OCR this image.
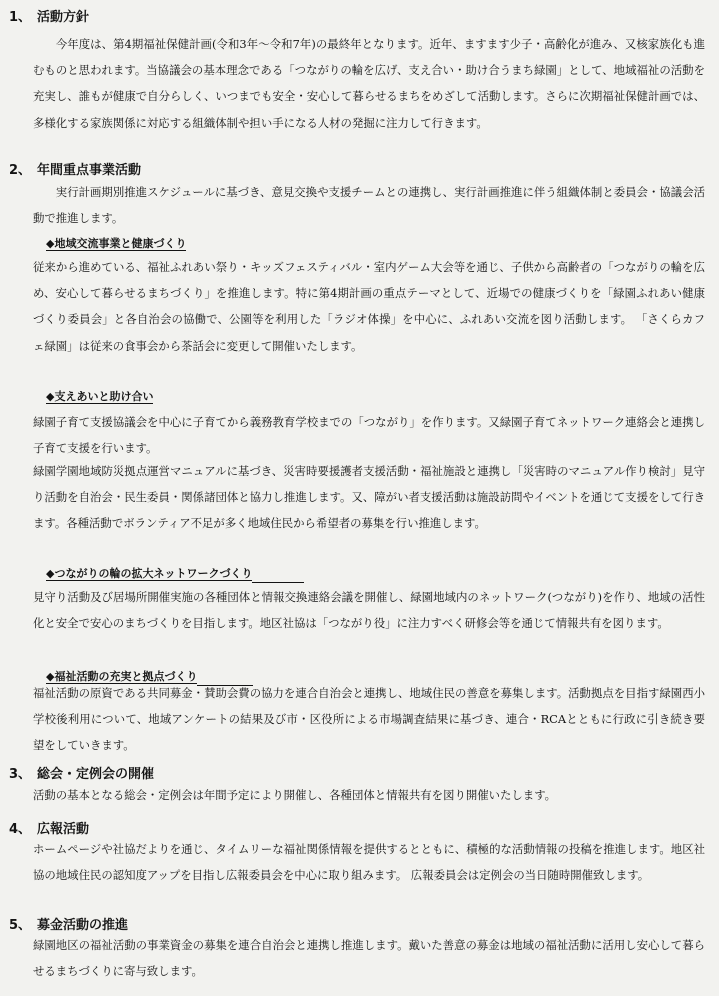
1、 活動方針
今年度は、第4期福祉保健計画(令和3年～令和7年)の最終年となります。近年、ますます少子・高齢化が進み、又核家族化も進むものと思われます。当協議会の基本理念である「つながりの輪を広げ、支え合い・助け合うまち緑園」として、地域福祉の活動を充実し、誰もが健康で自分らしく、いつまでも安全・安心して暮らせるまちをめざして活動します。さらに次期福祉保健計画では、多様化する家族関係に対応する組織体制や担い手になる人材の発掘に注力して行きます。
2、 年間重点事業活動
実行計画期別推進スケジュールに基づき、意見交換や支援チームとの連携し、実行計画推進に伴う組織体制と委員会・協議会活動で推進します。
◆地域交流事業と健康づくり
従来から進めている、福祉ふれあい祭り・キッズフェスティバル・室内ゲーム大会等を通じ、子供から高齢者の「つながりの輪を広め、安心して暮らせるまちづくり」を推進します。特に第4期計画の重点テーマとして、近場での健康づくりを「緑園ふれあい健康づくり委員会」と各自治会の協働で、公園等を利用した「ラジオ体操」を中心に、ふれあい交流を図り活動します。 「さくらカフェ緑園」は従来の食事会から茶話会に変更して開催いたします。
◆支えあいと助け合い
緑園子育て支援協議会を中心に子育てから義務教育学校までの「つながり」を作ります。又緑園子育てネットワーク連絡会と連携し子育て支援を行います。
緑園学園地域防災拠点運営マニュアルに基づき、災害時要援護者支援活動・福祉施設と連携し「災害時のマニュアル作り検討」見守り活動を自治会・民生委員・関係諸団体と協力し推進します。又、障がい者支援活動は施設訪問やイベントを通じて支援をして行きます。各種活動でボランティア不足が多く地域住民から希望者の募集を行い推進します。
◆つながりの輪の拡大ネットワークづくり
見守り活動及び居場所開催実施の各種団体と情報交換連絡会議を開催し、緑園地域内のネットワーク(つながり)を作り、地域の活性化と安全で安心のまちづくりを目指します。地区社協は「つながり役」に注力すべく研修会等を通じて情報共有を図ります。
◆福祉活動の充実と拠点づくり
福祉活動の原資である共同募金・賛助会費の協力を連合自治会と連携し、地域住民の善意を募集します。活動拠点を目指す緑園西小学校後利用について、地域アンケートの結果及び市・区役所による市場調査結果に基づき、連合・RCAとともに行政に引き続き要望をしていきます。
3、 総会・定例会の開催
活動の基本となる総会・定例会は年間予定により開催し、各種団体と情報共有を図り開催いたします。
4、 広報活動
ホームページや社協だよりを通じ、タイムリーな福祉関係情報を提供するとともに、積極的な活動情報の投稿を推進します。地区社協の地域住民の認知度アップを目指し広報委員会を中心に取り組みます。 広報委員会は定例会の当日随時開催致します。
5、 募金活動の推進
緑園地区の福祉活動の事業資金の募集を連合自治会と連携し推進します。戴いた善意の募金は地域の福祉活動に活用し安心して暮らせるまちづくりに寄与致します。
